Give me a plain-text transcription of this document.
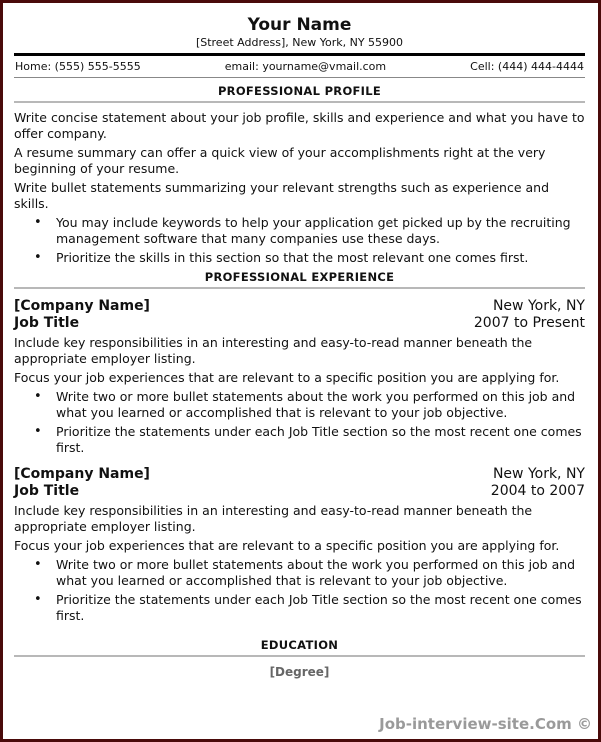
Your Name
[Street Address], New York, NY 55900
Home: (555) 555-5555	email: yourname@vmail.com	Cell: (444) 444-4444
PROFESSIONAL PROFILE

Write concise statement about your job profile, skills and experience and what you have to offer company.

A resume summary can offer a quick view of your accomplishments right at the very beginning of your resume.

Write bullet statements summarizing your relevant strengths such as experience and skills.

• You may include keywords to help your application get picked up by the recruiting management software that many companies use these days.
• Prioritize the skills in this section so that the most relevant one comes first.
PROFESSIONAL EXPERIENCE
[Company Name]	New York, NY
Job Title	2007 to Present

Include key responsibilities in an interesting and easy-to-read manner beneath the appropriate employer listing.

Focus your job experiences that are relevant to a specific position you are applying for.

• Write two or more bullet statements about the work you performed on this job and what you learned or accomplished that is relevant to your job objective.
• Prioritize the statements under each Job Title section so the most recent one comes first.
[Company Name]	New York, NY
Job Title	2004 to 2007

Include key responsibilities in an interesting and easy-to-read manner beneath the appropriate employer listing.

Focus your job experiences that are relevant to a specific position you are applying for.

• Write two or more bullet statements about the work you performed on this job and what you learned or accomplished that is relevant to your job objective.
• Prioritize the statements under each Job Title section so the most recent one comes first.
EDUCATION
[Degree]
Job-interview-site.Com ©
